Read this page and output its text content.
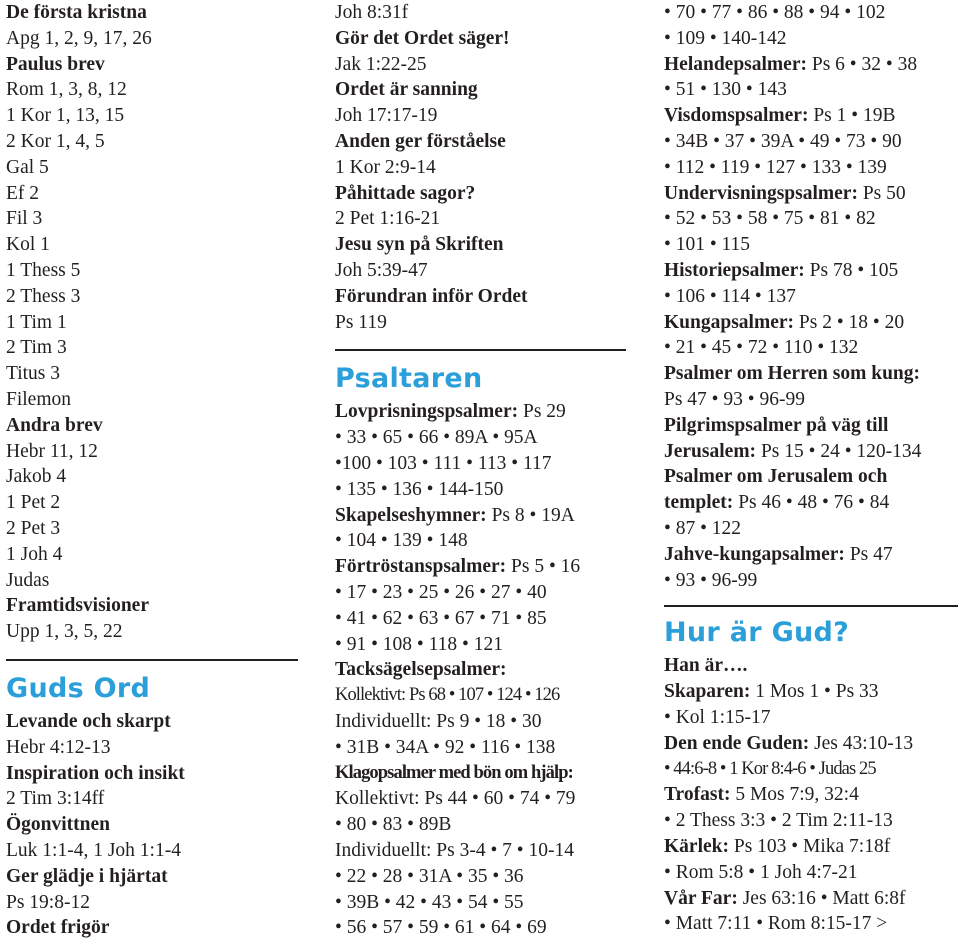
De första kristna
Apg 1, 2, 9, 17, 26
Paulus brev
Rom 1, 3, 8, 12
1 Kor 1, 13, 15
2 Kor 1, 4, 5
Gal 5
Ef 2
Fil 3
Kol 1
1 Thess 5
2 Thess 3
1 Tim 1
2 Tim 3
Titus 3
Filemon
Andra brev
Hebr 11, 12
Jakob 4
1 Pet 2
2 Pet 3
1 Joh 4
Judas
Framtidsvisioner
Upp 1, 3, 5, 22
Guds Ord
Levande och skarpt
Hebr 4:12-13
Inspiration och insikt
2 Tim 3:14ff
Ögonvittnen
Luk 1:1-4, 1 Joh 1:1-4
Ger glädje i hjärtat
Ps 19:8-12
Ordet frigör
Joh 8:31f
Gör det Ordet säger!
Jak 1:22-25
Ordet är sanning
Joh 17:17-19
Anden ger förståelse
1 Kor 2:9-14
Påhittade sagor?
2 Pet 1:16-21
Jesu syn på Skriften
Joh 5:39-47
Förundran inför Ordet
Ps 119
Psaltaren
Lovprisningspsalmer: Ps 29
• 33 • 65 • 66 • 89A • 95A
•100 • 103 • 111 • 113 • 117
• 135 • 136 • 144-150
Skapelseshymner: Ps 8 • 19A
• 104 • 139 • 148
Förtröstanspsalmer: Ps 5 • 16
• 17 • 23 • 25 • 26 • 27 • 40
• 41 • 62 • 63 • 67 • 71 • 85
• 91 • 108 • 118 • 121
Tacksägelsepsalmer:
Kollektivt: Ps 68 • 107 • 124 • 126
Individuellt: Ps 9 • 18 • 30
• 31B • 34A • 92 • 116 • 138
Klagopsalmer med bön om hjälp:
Kollektivt: Ps 44 • 60 • 74 • 79
• 80 • 83 • 89B
Individuellt: Ps 3-4 • 7 • 10-14
• 22 • 28 • 31A • 35 • 36
• 39B • 42 • 43 • 54 • 55
• 56 • 57 • 59 • 61 • 64 • 69
• 70 • 77 • 86 • 88 • 94 • 102
• 109 • 140-142
Helandepsalmer: Ps 6 • 32 • 38
• 51 • 130 • 143
Visdomspsalmer: Ps 1 • 19B
• 34B • 37 • 39A • 49 • 73 • 90
• 112 • 119 • 127 • 133 • 139
Undervisningspsalmer: Ps 50
• 52 • 53 • 58 • 75 • 81 • 82
• 101 • 115
Historiepsalmer: Ps 78 • 105
• 106 • 114 • 137
Kungapsalmer: Ps 2 • 18 • 20
• 21 • 45 • 72 • 110 • 132
Psalmer om Herren som kung:
Ps 47 • 93 • 96-99
Pilgrimspsalmer på väg till
Jerusalem: Ps 15 • 24 • 120-134
Psalmer om Jerusalem och
templet: Ps 46 • 48 • 76 • 84
• 87 • 122
Jahve-kungapsalmer: Ps 47
• 93 • 96-99
Hur är Gud?
Han är….
Skaparen: 1 Mos 1 • Ps 33
• Kol 1:15-17
Den ende Guden: Jes 43:10-13
• 44:6-8 • 1 Kor 8:4-6 • Judas 25
Trofast: 5 Mos 7:9, 32:4
• 2 Thess 3:3 • 2 Tim 2:11-13
Kärlek: Ps 103 • Mika 7:18f
• Rom 5:8 • 1 Joh 4:7-21
Vår Far: Jes 63:16 • Matt 6:8f
• Matt 7:11 • Rom 8:15-17 >
